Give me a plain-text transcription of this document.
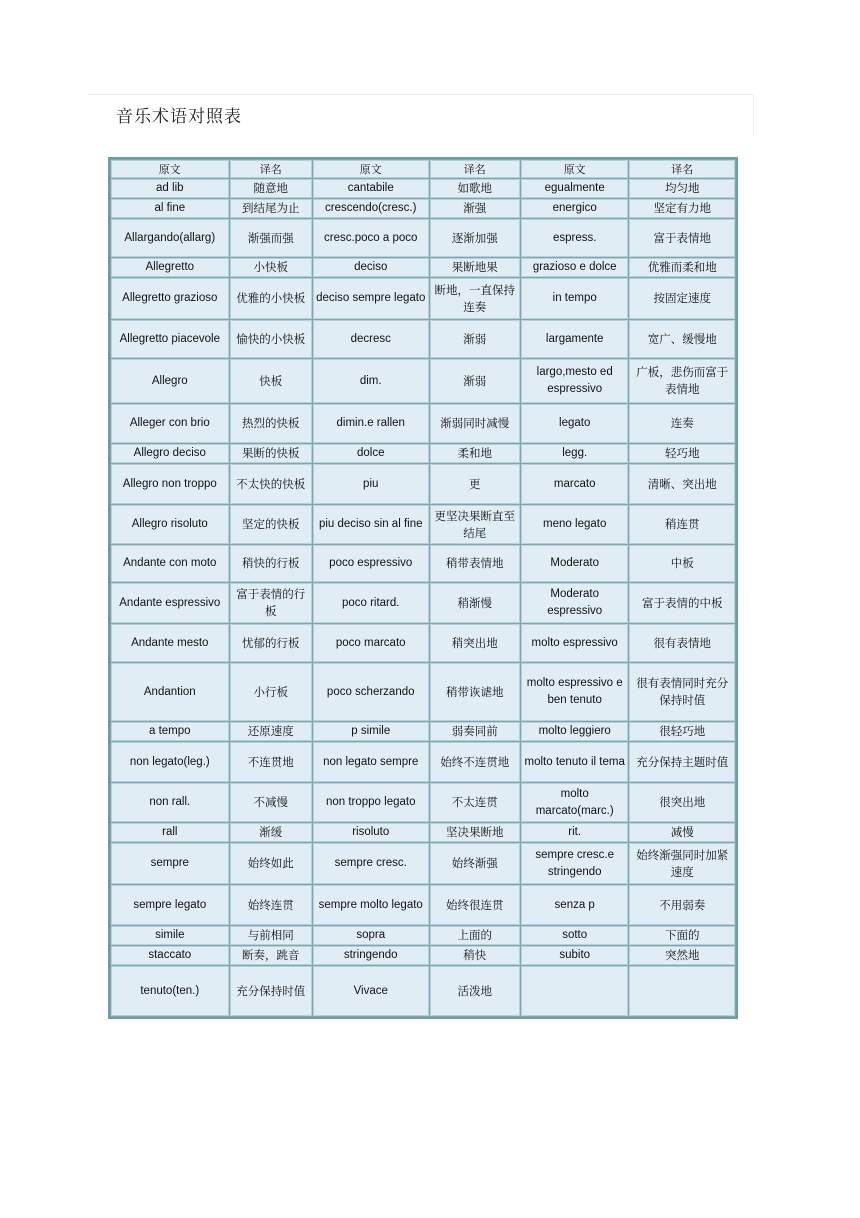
音乐术语对照表
原文	译名	原文	译名	原文	译名
ad lib	随意地	cantabile	如歌地	egualmente	均匀地
al fine	到结尾为止	crescendo(cresc.)	渐强	energico	坚定有力地
Allargando(allarg)	渐强而强	cresc.poco a poco	逐渐加强	espress.	富于表情地
Allegretto	小快板	deciso	果断地果	grazioso e dolce	优雅而柔和地
Allegretto grazioso	优雅的小快板	deciso sempre legato	断地，一直保持连奏	in tempo	按固定速度
Allegretto piacevole	愉快的小快板	decresc	渐弱	largamente	宽广、缓慢地
Allegro	快板	dim.	渐弱	largo,mesto ed espressivo	广板，悲伤而富于表情地
Alleger con brio	热烈的快板	dimin.e rallen	渐弱同时减慢	legato	连奏
Allegro deciso	果断的快板	dolce	柔和地	legg.	轻巧地
Allegro non troppo	不太快的快板	piu	更	marcato	清晰、突出地
Allegro risoluto	坚定的快板	piu deciso sin al fine	更坚决果断直至结尾	meno legato	稍连贯
Andante con moto	稍快的行板	poco espressivo	稍带表情地	Moderato	中板
Andante espressivo	富于表情的行板	poco ritard.	稍渐慢	Moderato espressivo	富于表情的中板
Andante mesto	忧郁的行板	poco marcato	稍突出地	molto espressivo	很有表情地
Andantion	小行板	poco scherzando	稍带诙谑地	molto espressivo e ben tenuto	很有表情同时充分保持时值
a tempo	还原速度	p simile	弱奏同前	molto leggiero	很轻巧地
non legato(leg.)	不连贯地	non legato sempre	始终不连贯地	molto tenuto il tema	充分保持主题时值
non rall.	不减慢	non troppo legato	不太连贯	molto marcato(marc.)	很突出地
rall	渐缓	risoluto	坚决果断地	rit.	减慢
sempre	始终如此	sempre cresc.	始终渐强	sempre cresc.e stringendo	始终渐强同时加紧速度
sempre legato	始终连贯	sempre molto legato	始终很连贯	senza p	不用弱奏
simile	与前相同	sopra	上面的	sotto	下面的
staccato	断奏，跳音	stringendo	稍快	subito	突然地
tenuto(ten.)	充分保持时值	Vivace	活泼地		
